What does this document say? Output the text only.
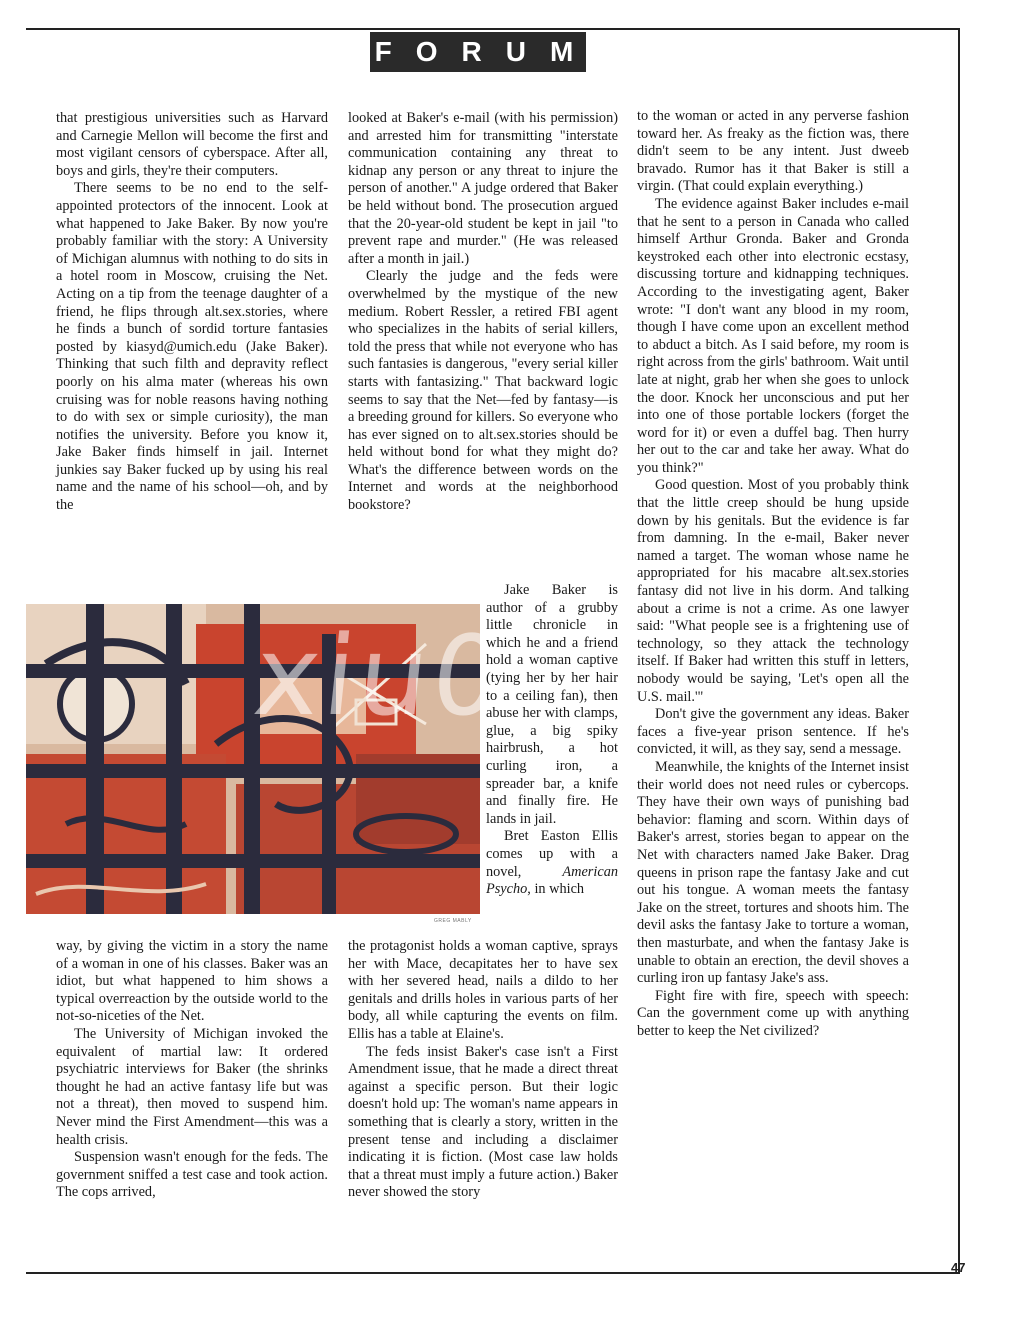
FORUM

that prestigious universities such as Harvard and Carnegie Mellon will become the first and most vigilant censors of cyberspace. After all, boys and girls, they're their computers.

There seems to be no end to the self-appointed protectors of the innocent. Look at what happened to Jake Baker. By now you're probably familiar with the story: A University of Michigan alumnus with nothing to do sits in a hotel room in Moscow, cruising the Net. Acting on a tip from the teenage daughter of a friend, he flips through alt.sex.stories, where he finds a bunch of sordid torture fantasies posted by kiasyd@umich.edu (Jake Baker). Thinking that such filth and depravity reflect poorly on his alma mater (whereas his own cruising was for noble reasons having nothing to do with sex or simple curiosity), the man notifies the university. Before you know it, Jake Baker finds himself in jail. Internet junkies say Baker fucked up by using his real name and the name of his school—oh, and by the

xiu0
GREG MABLY

way, by giving the victim in a story the name of a woman in one of his classes. Baker was an idiot, but what happened to him shows a typical overreaction by the outside world to the not-so-niceties of the Net.

The University of Michigan invoked the equivalent of martial law: It ordered psychiatric interviews for Baker (the shrinks thought he had an active fantasy life but was not a threat), then moved to suspend him. Never mind the First Amendment—this was a health crisis.

Suspension wasn't enough for the feds. The government sniffed a test case and took action. The cops arrived,

looked at Baker's e-mail (with his permission) and arrested him for transmitting "interstate communication containing any threat to kidnap any person or any threat to injure the person of another." A judge ordered that Baker be held without bond. The prosecution argued that the 20-year-old student be kept in jail "to prevent rape and murder." (He was released after a month in jail.)

Clearly the judge and the feds were overwhelmed by the mystique of the new medium. Robert Ressler, a retired FBI agent who specializes in the habits of serial killers, told the press that while not everyone who has such fantasies is dangerous, "every serial killer starts with fantasizing." That backward logic seems to say that the Net—fed by fantasy—is a breeding ground for killers. So everyone who has ever signed on to alt.sex.stories should be held without bond for what they might do? What's the difference between words on the Internet and words at the neighborhood bookstore?

Jake Baker is author of a grubby little chronicle in which he and a friend hold a woman captive (tying her by her hair to a ceiling fan), then abuse her with clamps, glue, a big spiky hairbrush, a hot curling iron, a spreader bar, a knife and finally fire. He lands in jail.

Bret Easton Ellis comes up with a novel, American Psycho, in which

the protagonist holds a woman captive, sprays her with Mace, decapitates her to have sex with her severed head, nails a dildo to her genitals and drills holes in various parts of her body, all while capturing the events on film. Ellis has a table at Elaine's.

The feds insist Baker's case isn't a First Amendment issue, that he made a direct threat against a specific person. But their logic doesn't hold up: The woman's name appears in something that is clearly a story, written in the present tense and including a disclaimer indicating it is fiction. (Most case law holds that a threat must imply a future action.) Baker never showed the story

to the woman or acted in any perverse fashion toward her. As freaky as the fiction was, there didn't seem to be any intent. Just dweeb bravado. Rumor has it that Baker is still a virgin. (That could explain everything.)

The evidence against Baker includes e-mail that he sent to a person in Canada who called himself Arthur Gronda. Baker and Gronda keystroked each other into electronic ecstasy, discussing torture and kidnapping techniques. According to the investigating agent, Baker wrote: "I don't want any blood in my room, though I have come upon an excellent method to abduct a bitch. As I said before, my room is right across from the girls' bathroom. Wait until late at night, grab her when she goes to unlock the door. Knock her unconscious and put her into one of those portable lockers (forget the word for it) or even a duffel bag. Then hurry her out to the car and take her away. What do you think?"

Good question. Most of you probably think that the little creep should be hung upside down by his genitals. But the evidence is far from damning. In the e-mail, Baker never named a target. The woman whose name he appropriated for his macabre alt.sex.stories fantasy did not live in his dorm. And talking about a crime is not a crime. As one lawyer said: "What people see is a frightening use of technology, so they attack the technology itself. If Baker had written this stuff in letters, nobody would be saying, 'Let's open all the U.S. mail.'"

Don't give the government any ideas. Baker faces a five-year prison sentence. If he's convicted, it will, as they say, send a message.

Meanwhile, the knights of the Internet insist their world does not need rules or cybercops. They have their own ways of punishing bad behavior: flaming and scorn. Within days of Baker's arrest, stories began to appear on the Net with characters named Jake Baker. Drag queens in prison rape the fantasy Jake and cut out his tongue. A woman meets the fantasy Jake on the street, tortures and shoots him. The devil asks the fantasy Jake to torture a woman, then masturbate, and when the fantasy Jake is unable to obtain an erection, the devil shoves a curling iron up fantasy Jake's ass.

Fight fire with fire, speech with speech: Can the government come up with anything better to keep the Net civilized?

47
